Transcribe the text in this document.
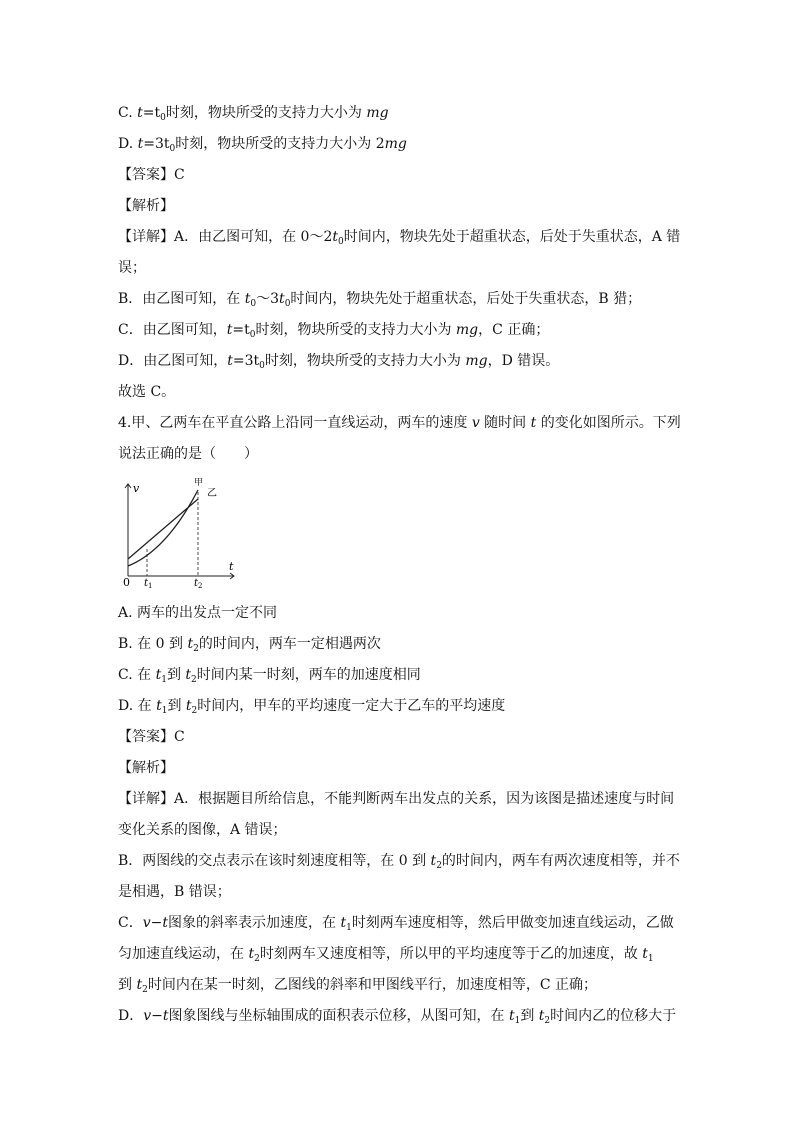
C. $t=t_0$时刻，物块所受的支持力大小为 mg
D. $t=3t_0$时刻，物块所受的支持力大小为 2mg
【答案】C
【解析】
【详解】A．由乙图可知，在 $0\sim 2t_0$时间内，物块先处于超重状态，后处于失重状态，A 错
误；
B．由乙图可知，在 $t_0\sim 3t_0$时间内，物块先处于超重状态，后处于失重状态，B 猎；
C．由乙图可知，$t=t_0$时刻，物块所受的支持力大小为 mg，C 正确；
D．由乙图可知，$t=3t_0$时刻，物块所受的支持力大小为 mg，D 错误。
故选 C。
4.甲、乙两车在平直公路上沿同一直线运动，两车的速度 v 随时间 t 的变化如图所示。下列
说法正确的是（　　）
v
t
0 t 1	t 2
甲
乙
A. 两车的出发点一定不同
B. 在 0 到 $t_2$的时间内，两车一定相遇两次
C. 在 $t_1$到 $t_2$时间内某一时刻，两车的加速度相同
D. 在 $t_1$到 $t_2$时间内，甲车的平均速度一定大于乙车的平均速度
【答案】C
【解析】
【详解】A．根据题目所给信息，不能判断两车出发点的关系，因为该图是描述速度与时间
变化关系的图像，A 错误；
B．两图线的交点表示在该时刻速度相等，在 0 到 $t_2$的时间内，两车有两次速度相等，并不
是相遇，B 错误；
C．v−t图象的斜率表示加速度，在 $t_1$时刻两车速度相等，然后甲做变加速直线运动，乙做
匀加速直线运动，在 $t_2$时刻两车又速度相等，所以甲的平均速度等于乙的加速度，故 $t_1$
到 $t_2$时间内在某一时刻，乙图线的斜率和甲图线平行，加速度相等，C 正确；
D．v−t图象图线与坐标轴围成的面积表示位移，从图可知，在 $t_1$到 $t_2$时间内乙的位移大于
